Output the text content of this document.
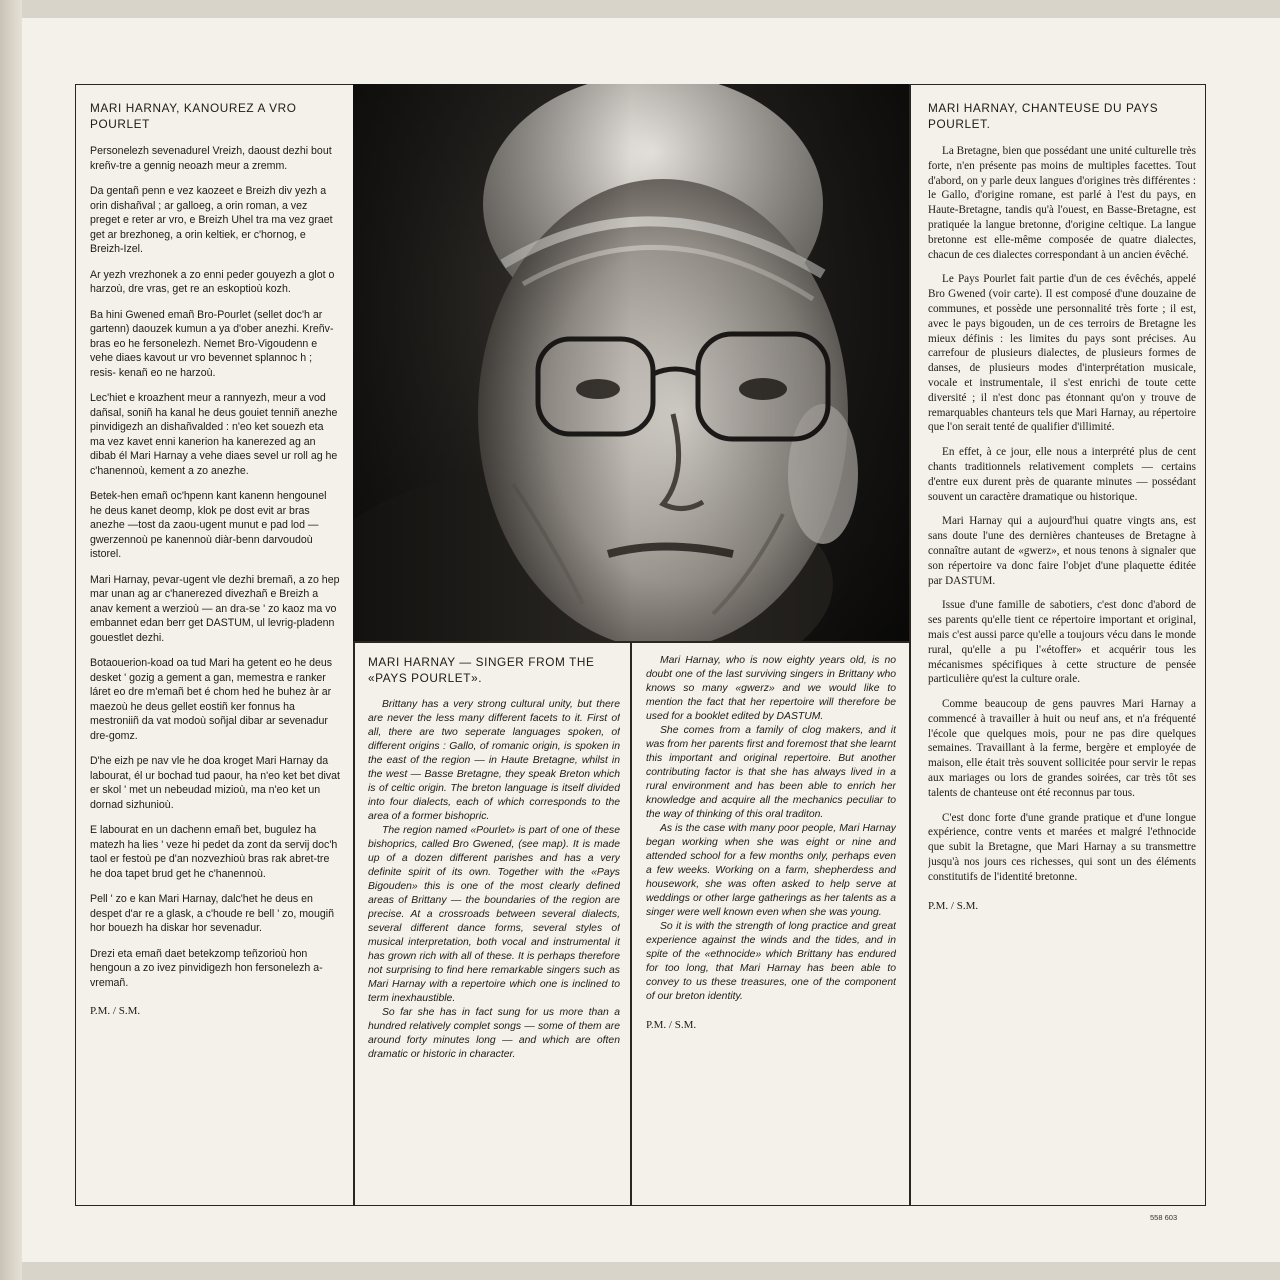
MARI HARNAY, KANOUREZ A VRO POURLET

Personelezh sevenadurel Vreizh, daoust dezhi bout kreñv-tre a gennig neoazh meur a zremm.

Da gentañ penn e vez kaozeet e Breizh div yezh a orin dishañval ; ar galloeg, a orin roman, a vez preget e reter ar vro, e Breizh Uhel tra ma vez graet get ar brezhoneg, a orin keltiek, er c'hornog, e Breizh-Izel.

Ar yezh vrezhonek a zo enni peder gouyezh a glot o harzoù, dre vras, get re an eskoptioù kozh.

Ba hini Gwened emañ Bro-Pourlet (sellet doc'h ar gartenn) daouzek kumun a ya d'ober anezhi. Kreñv-bras eo he fersonelezh. Nemet Bro-Vigoudenn e vehe diaes kavout ur vro bevennet splannoc h ; resis- kenañ eo ne harzoù.

Lec'hiet e kroazhent meur a rannyezh, meur a vod dañsal, soniñ ha kanal he deus gouiet tenniñ anezhe pinvidigezh an dishañvalded : n'eo ket souezh eta ma vez kavet enni kanerion ha kanerezed ag an dibab él Mari Harnay a vehe diaes sevel ur roll ag he c'hanennoù, kement a zo anezhe.

Betek-hen emañ oc'hpenn kant kanenn hengounel he deus kanet deomp, klok pe dost evit ar bras anezhe —tost da zaou-ugent munut e pad lod — gwerzennoù pe kanennoù diàr-benn darvoudoù istorel.

Mari Harnay, pevar-ugent vle dezhi bremañ, a zo hep mar unan ag ar c'hanerezed divezhañ e Breizh a anav kement a werzioù — an dra-se ' zo kaoz ma vo embannet edan berr get DASTUM, ul levrig-pladenn gouestlet dezhi.

Botaouerion-koad oa tud Mari ha getent eo he deus desket ' gozig a gement a gan, memestra e ranker láret eo dre m'emañ bet é chom hed he buhez àr ar maezoù he deus gellet eostiñ ker fonnus ha mestroniiñ da vat modoù soñjal dibar ar sevenadur dre-gomz.

D'he eizh pe nav vle he doa kroget Mari Harnay da labourat, él ur bochad tud paour, ha n'eo ket bet divat er skol ' met un nebeudad mizioù, ma n'eo ket un dornad sizhunioù.

E labourat en un dachenn emañ bet, bugulez ha matezh ha lies ' veze hi pedet da zont da servij doc'h taol er festoù pe d'an nozvezhioù bras rak abret-tre he doa tapet brud get he c'hanennoù.

Pell ' zo e kan Mari Harnay, dalc'het he deus en despet d'ar re a glask, a c'houde re bell ' zo, mougiñ hor bouezh ha diskar hor sevenadur.

Drezi eta emañ daet betekzomp teñzorioù hon hengoun a zo ivez pinvidigezh hon fersonelezh a-vremañ.

P.M. / S.M.
MARI HARNAY — SINGER FROM THE «PAYS POURLET».

Brittany has a very strong cultural unity, but there are never the less many different facets to it. First of all, there are two seperate languages spoken, of different origins : Gallo, of romanic origin, is spoken in the east of the region — in Haute Bretagne, whilst in the west — Basse Bretagne, they speak Breton which is of celtic origin. The breton language is itself divided into four dialects, each of which corresponds to the area of a former bishopric.

The region named «Pourlet» is part of one of these bishoprics, called Bro Gwened, (see map). It is made up of a dozen different parishes and has a very definite spirit of its own. Together with the «Pays Bigouden» this is one of the most clearly defined areas of Brittany — the boundaries of the region are precise. At a crossroads between several dialects, several different dance forms, several styles of musical interpretation, both vocal and instrumental it has grown rich with all of these. It is perhaps therefore not surprising to find here remarkable singers such as Mari Harnay with a repertoire which one is inclined to term inexhaustible.

So far she has in fact sung for us more than a hundred relatively complet songs — some of them are around forty minutes long — and which are often dramatic or historic in character.

Mari Harnay, who is now eighty years old, is no doubt one of the last surviving singers in Brittany who knows so many «gwerz» and we would like to mention the fact that her repertoire will therefore be used for a booklet edited by DASTUM.

She comes from a family of clog makers, and it was from her parents first and foremost that she learnt this important and original repertoire. But another contributing factor is that she has always lived in a rural environment and has been able to enrich her knowledge and acquire all the mechanics peculiar to the way of thinking of this oral traditon.

As is the case with many poor people, Mari Harnay began working when she was eight or nine and attended school for a few months only, perhaps even a few weeks. Working on a farm, shepherdess and housework, she was often asked to help serve at weddings or other large gatherings as her talents as a singer were well known even when she was young.

So it is with the strength of long practice and great experience against the winds and the tides, and in spite of the «ethnocide» which Brittany has endured for too long, that Mari Harnay has been able to convey to us these treasures, one of the component of our breton identity.

P.M. / S.M.
MARI HARNAY, CHANTEUSE DU PAYS POURLET.

La Bretagne, bien que possédant une unité culturelle très forte, n'en présente pas moins de multiples facettes. Tout d'abord, on y parle deux langues d'origines très différentes : le Gallo, d'origine romane, est parlé à l'est du pays, en Haute-Bretagne, tandis qu'à l'ouest, en Basse-Bretagne, est pratiquée la langue bretonne, d'origine celtique. La langue bretonne est elle-même composée de quatre dialectes, chacun de ces dialectes correspondant à un ancien évêché.

Le Pays Pourlet fait partie d'un de ces évêchés, appelé Bro Gwened (voir carte). Il est composé d'une douzaine de communes, et possède une personnalité très forte ; il est, avec le pays bigouden, un de ces terroirs de Bretagne les mieux définis : les limites du pays sont précises. Au carrefour de plusieurs dialectes, de plusieurs formes de danses, de plusieurs modes d'interprétation musicale, vocale et instrumentale, il s'est enrichi de toute cette diversité ; il n'est donc pas étonnant qu'on y trouve de remarquables chanteurs tels que Mari Harnay, au répertoire que l'on serait tenté de qualifier d'illimité.

En effet, à ce jour, elle nous a interprété plus de cent chants traditionnels relativement complets — certains d'entre eux durent près de quarante minutes — possédant souvent un caractère dramatique ou historique.

Mari Harnay qui a aujourd'hui quatre vingts ans, est sans doute l'une des dernières chanteuses de Bretagne à connaître autant de «gwerz», et nous tenons à signaler que son répertoire va donc faire l'objet d'une plaquette éditée par DASTUM.

Issue d'une famille de sabotiers, c'est donc d'abord de ses parents qu'elle tient ce répertoire important et original, mais c'est aussi parce qu'elle a toujours vécu dans le monde rural, qu'elle a pu l'«étoffer» et acquérir tous les mécanismes spécifiques à cette structure de pensée particulière qu'est la culture orale.

Comme beaucoup de gens pauvres Mari Harnay a commencé à travailler à huit ou neuf ans, et n'a fréquenté l'école que quelques mois, pour ne pas dire quelques semaines. Travaillant à la ferme, bergère et employée de maison, elle était très souvent sollicitée pour servir le repas aux mariages ou lors de grandes soirées, car très tôt ses talents de chanteuse ont été reconnus par tous.

C'est donc forte d'une grande pratique et d'une longue expérience, contre vents et marées et malgré l'ethnocide que subit la Bretagne, que Mari Harnay a su transmettre jusqu'à nos jours ces richesses, qui sont un des éléments constitutifs de l'identité bretonne.

P.M. / S.M.
558 603
